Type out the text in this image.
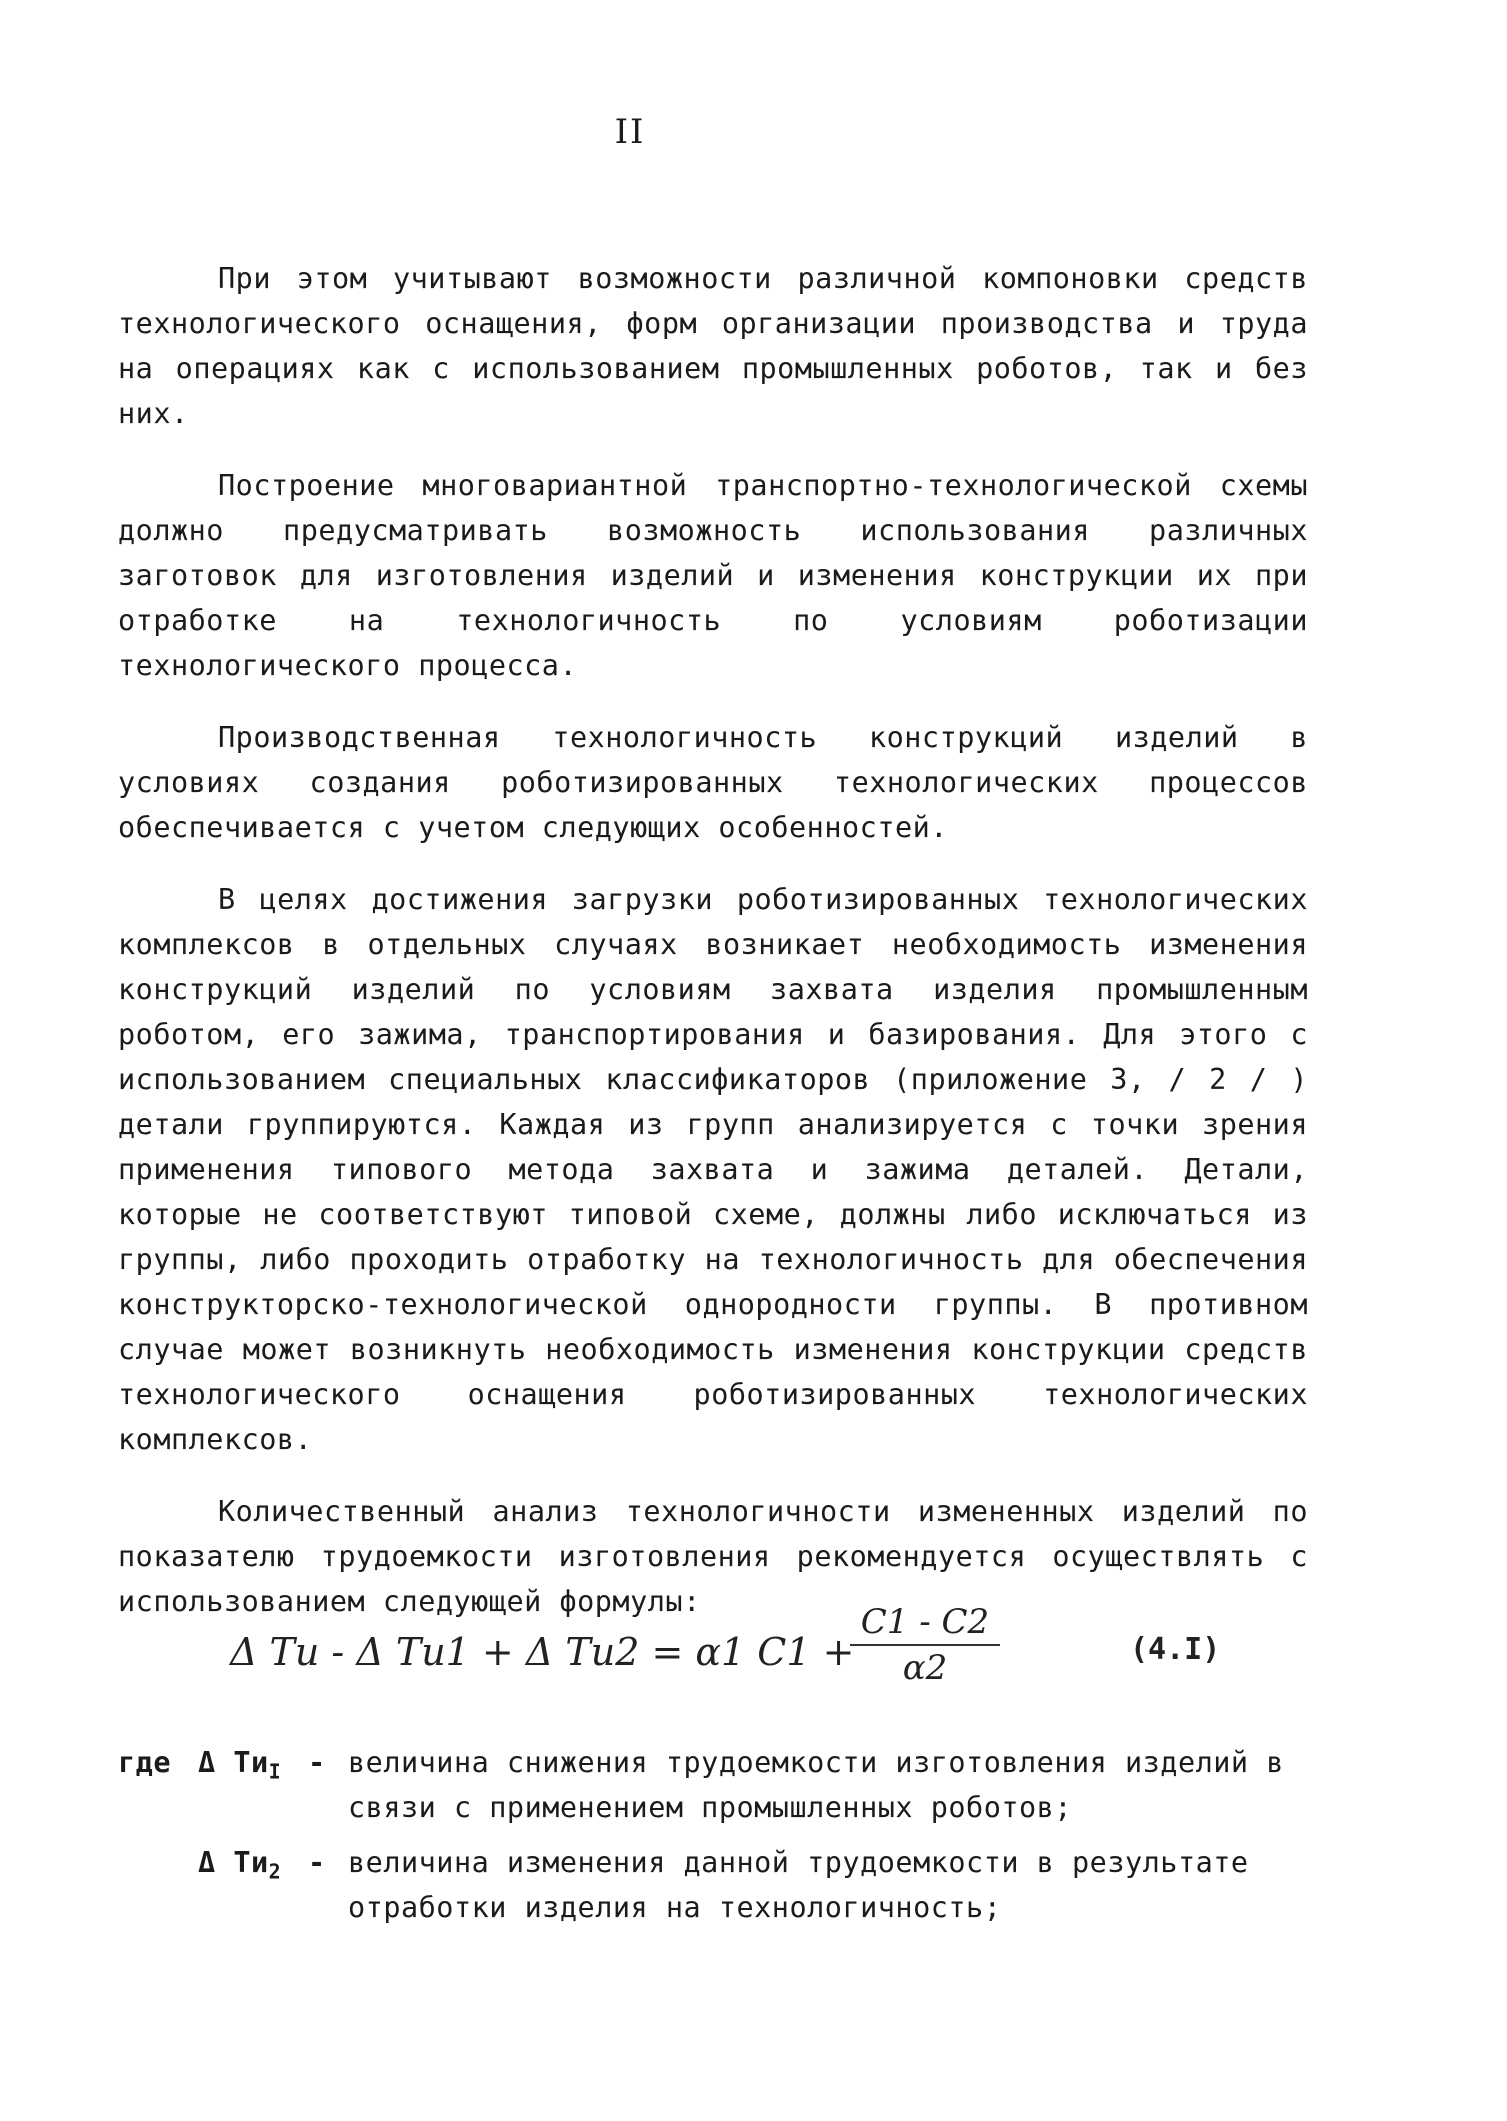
II

При этом учитывают возможности различной компоновки средств технологического оснащения, форм организации производства и труда на операциях как с использованием промышленных роботов, так и без них.

Построение многовариантной транспортно-технологической схемы должно предусматривать возможность использования различных заготовок для изготовления изделий и изменения конструкции их при отработке на технологичность по условиям роботизации технологического процесса.

Производственная технологичность конструкций изделий в условиях создания роботизированных технологических процессов обеспечивается с учетом следующих особенностей.

В целях достижения загрузки роботизированных технологических комплексов в отдельных случаях возникает необходимость изменения конструкций изделий по условиям захвата изделия промышленным роботом, его зажима, транспортирования и базирования. Для этого с использованием специальных классификаторов (приложение 3, / 2 / ) детали группируются. Каждая из групп анализируется с точки зрения применения типового метода захвата и зажима деталей. Детали, которые не соответствуют типовой схеме, должны либо исключаться из группы, либо проходить отработку на технологичность для обеспечения конструкторско-технологической однородности группы. В противном случае может возникнуть необходимость изменения конструкции средств технологического оснащения роботизированных технологических комплексов.

Количественный анализ технологичности измененных изделий по показателю трудоемкости изготовления рекомендуется осуществлять с использованием следующей формулы:

Δ Tи - Δ Tи1 + Δ Tи2 = α1 C1 +
C1 - C2
α2	(4.I)
где Δ $Tи_I$ - величина снижения трудоемкости изготовления изделий в связи с применением промышленных роботов;
Δ $Tи_2$ - величина изменения данной трудоемкости в результате отработки изделия на технологичность;
